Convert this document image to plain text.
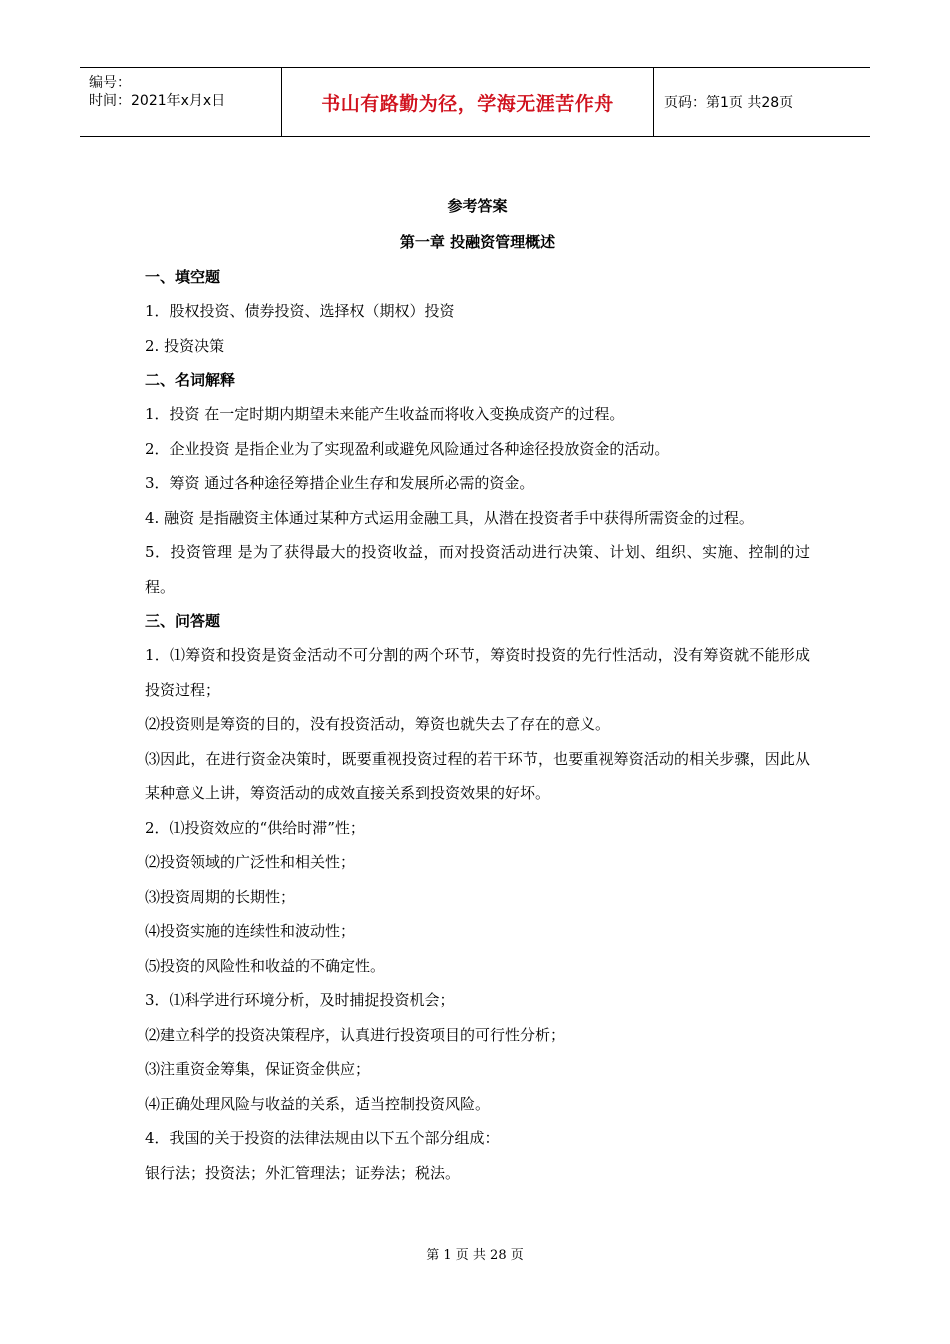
编号：
时间：2021年x月x日	书山有路勤为径，学海无涯苦作舟	页码：第1页 共28页
参考答案
第一章 投融资管理概述
一、填空题
1．股权投资、债券投资、选择权（期权）投资
2. 投资决策
二、名词解释
1．投资 在一定时期内期望未来能产生收益而将收入变换成资产的过程。
2．企业投资 是指企业为了实现盈利或避免风险通过各种途径投放资金的活动。
3．筹资 通过各种途径筹措企业生存和发展所必需的资金。
4. 融资 是指融资主体通过某种方式运用金融工具，从潜在投资者手中获得所需资金的过程。
5．投资管理 是为了获得最大的投资收益，而对投资活动进行决策、计划、组织、实施、控制的过程。
三、问答题
1．⑴筹资和投资是资金活动不可分割的两个环节，筹资时投资的先行性活动，没有筹资就不能形成投资过程；
⑵投资则是筹资的目的，没有投资活动，筹资也就失去了存在的意义。
⑶因此，在进行资金决策时，既要重视投资过程的若干环节，也要重视筹资活动的相关步骤，因此从某种意义上讲，筹资活动的成效直接关系到投资效果的好坏。
2．⑴投资效应的“供给时滞”性；
⑵投资领域的广泛性和相关性；
⑶投资周期的长期性；
⑷投资实施的连续性和波动性；
⑸投资的风险性和收益的不确定性。
3．⑴科学进行环境分析，及时捕捉投资机会；
⑵建立科学的投资决策程序，认真进行投资项目的可行性分析；
⑶注重资金筹集，保证资金供应；
⑷正确处理风险与收益的关系，适当控制投资风险。
4．我国的关于投资的法律法规由以下五个部分组成：
银行法；投资法；外汇管理法；证券法；税法。
第 1 页 共 28 页
